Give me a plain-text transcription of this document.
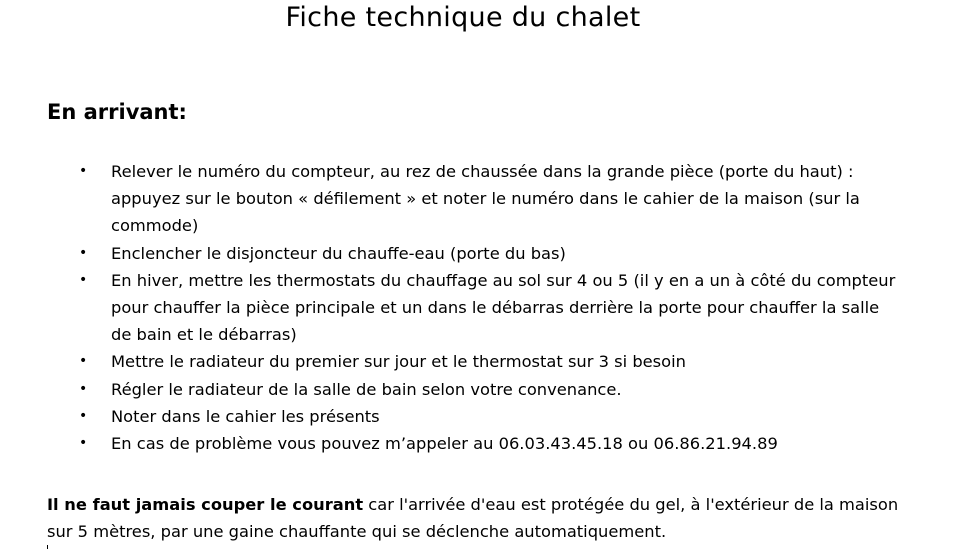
Fiche technique du chalet
En arrivant:
• Relever le numéro du compteur, au rez de chaussée dans la grande pièce (porte du haut) : appuyez sur le bouton « défilement » et noter le numéro dans le cahier de la maison (sur la commode)
• Enclencher le disjoncteur du chauffe-eau (porte du bas)
• En hiver, mettre les thermostats du chauffage au sol sur 4 ou 5 (il y en a un à côté du compteur pour chauffer la pièce principale et un dans le débarras derrière la porte pour chauffer la salle de bain et le débarras)
• Mettre le radiateur du premier sur jour et le thermostat sur 3 si besoin
• Régler le radiateur de la salle de bain selon votre convenance.
• Noter dans le cahier les présents
• En cas de problème vous pouvez m’appeler au 06.03.43.45.18 ou 06.86.21.94.89
Il ne faut jamais couper le courant car l'arrivée d'eau est protégée du gel, à l'extérieur de la maison sur 5 mètres, par une gaine chauffante qui se déclenche automatiquement.
